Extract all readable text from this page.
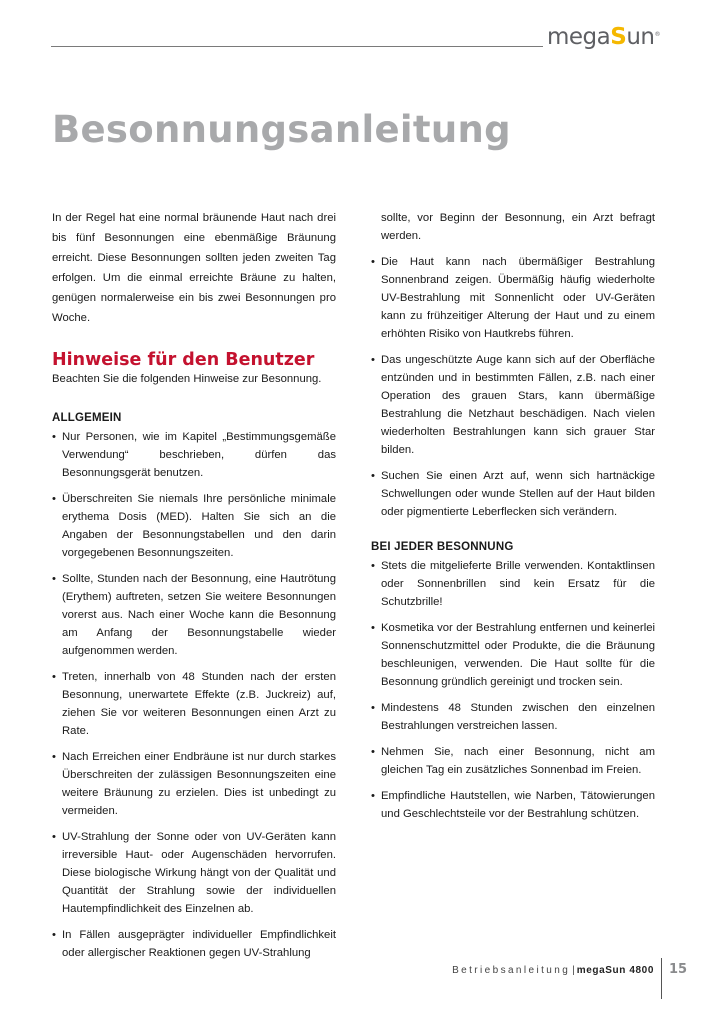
megaSun®
Besonnungsanleitung

In der Regel hat eine normal bräunende Haut nach drei bis fünf Besonnungen eine ebenmäßige Bräunung erreicht. Diese Besonnungen sollten jeden zweiten Tag erfolgen. Um die einmal erreichte Bräune zu halten, genügen normalerweise ein bis zwei Besonnungen pro Woche.

Hinweise für den Benutzer

Beachten Sie die folgenden Hinweise zur Besonnung.

ALLGEMEIN
• Nur Personen, wie im Kapitel „Bestimmungsgemäße Verwendung“ beschrieben, dürfen das Besonnungsgerät benutzen.
• Überschreiten Sie niemals Ihre persönliche minimale erythema Dosis (MED). Halten Sie sich an die Angaben der Besonnungstabellen und den darin vorgegebenen Besonnungszeiten.
• Sollte, Stunden nach der Besonnung, eine Hautrötung (Erythem) auftreten, setzen Sie weitere Besonnungen vorerst aus. Nach einer Woche kann die Besonnung am Anfang der Besonnungstabelle wieder aufgenommen werden.
• Treten, innerhalb von 48 Stunden nach der ersten Besonnung, unerwartete Effekte (z.B. Juckreiz) auf, ziehen Sie vor weiteren Besonnungen einen Arzt zu Rate.
• Nach Erreichen einer Endbräune ist nur durch starkes Überschreiten der zulässigen Besonnungszeiten eine weitere Bräunung zu erzielen. Dies ist unbedingt zu vermeiden.
• UV-Strahlung der Sonne oder von UV-Geräten kann irreversible Haut- oder Augenschäden hervorrufen. Diese biologische Wirkung hängt von der Qualität und Quantität der Strahlung sowie der individuellen Hautempfindlichkeit des Einzelnen ab.
• In Fällen ausgeprägter individueller Empfindlichkeit oder allergischer Reaktionen gegen UV-Strahlung

sollte, vor Beginn der Besonnung, ein Arzt befragt werden.

• Die Haut kann nach übermäßiger Bestrahlung Sonnenbrand zeigen. Übermäßig häufig wiederholte UV-Bestrahlung mit Sonnenlicht oder UV-Geräten kann zu frühzeitiger Alterung der Haut und zu einem erhöhten Risiko von Hautkrebs führen.
• Das ungeschützte Auge kann sich auf der Oberfläche entzünden und in bestimmten Fällen, z.B. nach einer Operation des grauen Stars, kann übermäßige Bestrahlung die Netzhaut beschädigen. Nach vielen wiederholten Bestrahlungen kann sich grauer Star bilden.
• Suchen Sie einen Arzt auf, wenn sich hartnäckige Schwellungen oder wunde Stellen auf der Haut bilden oder pigmentierte Leberflecken sich verändern.
BEI JEDER BESONNUNG
• Stets die mitgelieferte Brille verwenden. Kontaktlinsen oder Sonnenbrillen sind kein Ersatz für die Schutzbrille!
• Kosmetika vor der Bestrahlung entfernen und keinerlei Sonnenschutzmittel oder Produkte, die die Bräunung beschleunigen, verwenden. Die Haut sollte für die Besonnung gründlich gereinigt und trocken sein.
• Mindestens 48 Stunden zwischen den einzelnen Bestrahlungen verstreichen lassen.
• Nehmen Sie, nach einer Besonnung, nicht am gleichen Tag ein zusätzliches Sonnenbad im Freien.
• Empfindliche Hautstellen, wie Narben, Tätowierungen und Geschlechtsteile vor der Bestrahlung schützen.
Betriebsanleitung | megaSun 4800 15
